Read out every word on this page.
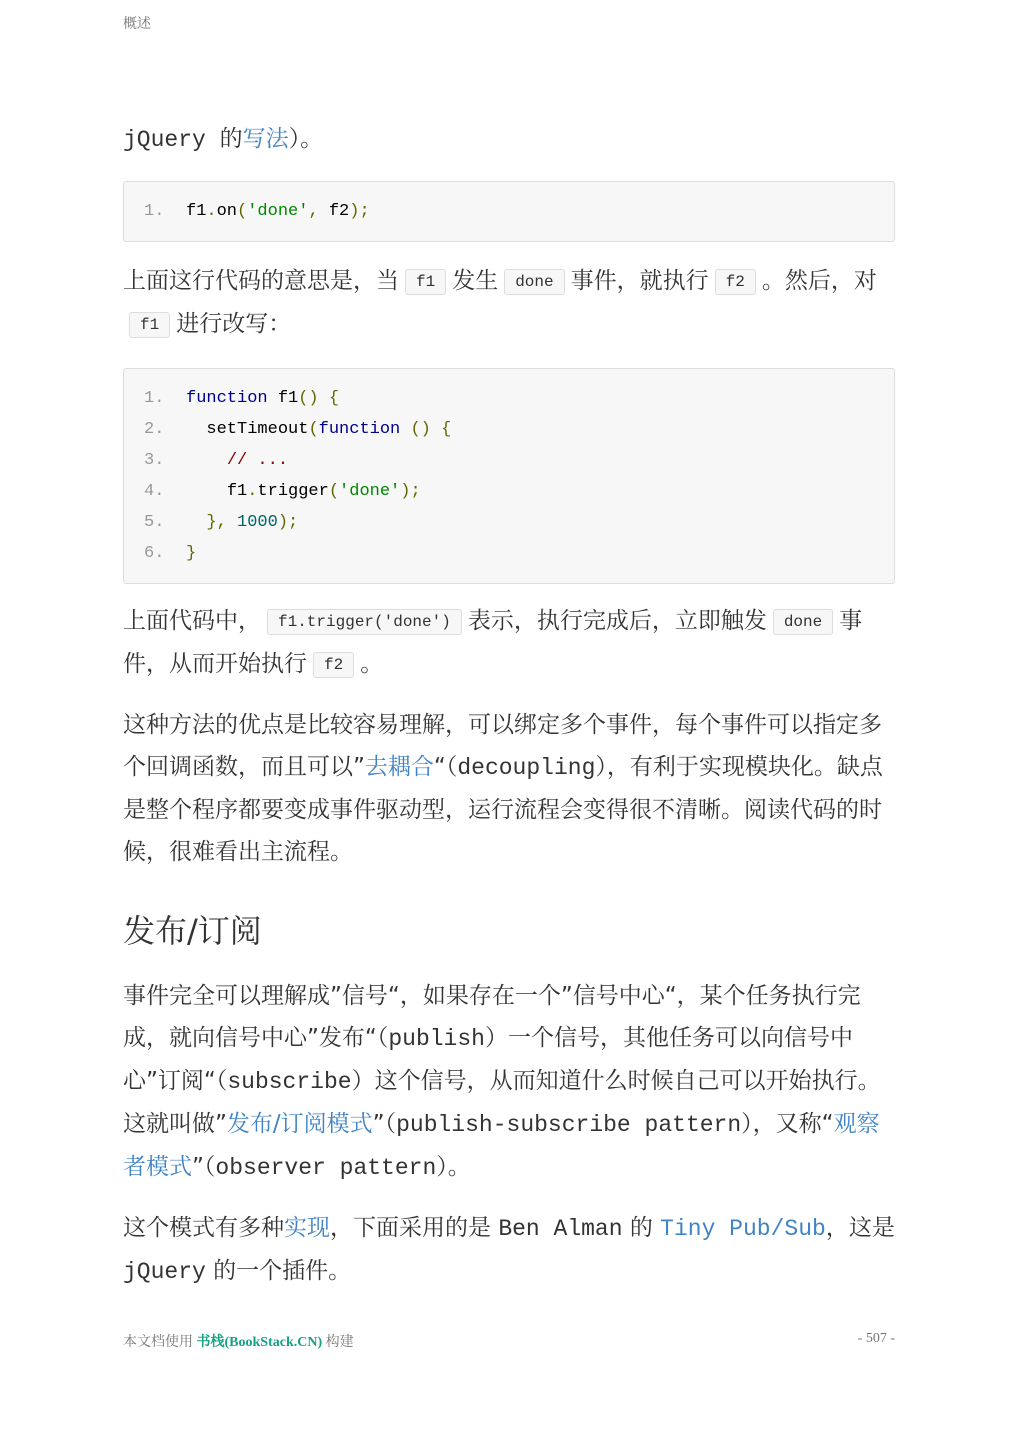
概述

jQuery 的写法）。

1. f1.on('done', f2);

上面这行代码的意思是，当 f1 发生 done 事件，就执行 f2 。然后，对f1 进行改写：

1. function f1() {
2. setTimeout(function () {
3.	// ...
4.	f1.trigger('done');
5. }, 1000);
6. }

上面代码中， f1.trigger('done') 表示，执行完成后，立即触发 done 事件，从而开始执行 f2 。

这种方法的优点是比较容易理解，可以绑定多个事件，每个事件可以指定多个回调函数，而且可以”去耦合“（decoupling），有利于实现模块化。缺点是整个程序都要变成事件驱动型，运行流程会变得很不清晰。阅读代码的时候，很难看出主流程。

发布/订阅

事件完全可以理解成”信号“，如果存在一个”信号中心“，某个任务执行完成，就向信号中心”发布“（publish）一个信号，其他任务可以向信号中心”订阅“（subscribe）这个信号，从而知道什么时候自己可以开始执行。这就叫做”发布/订阅模式”（publish-subscribe pattern），又称“观察者模式”（observer pattern）。

这个模式有多种实现，下面采用的是 Ben Alman 的 Tiny Pub/Sub，这是 jQuery 的一个插件。

本文档使用 书栈(BookStack.CN) 构建	- 507 -
